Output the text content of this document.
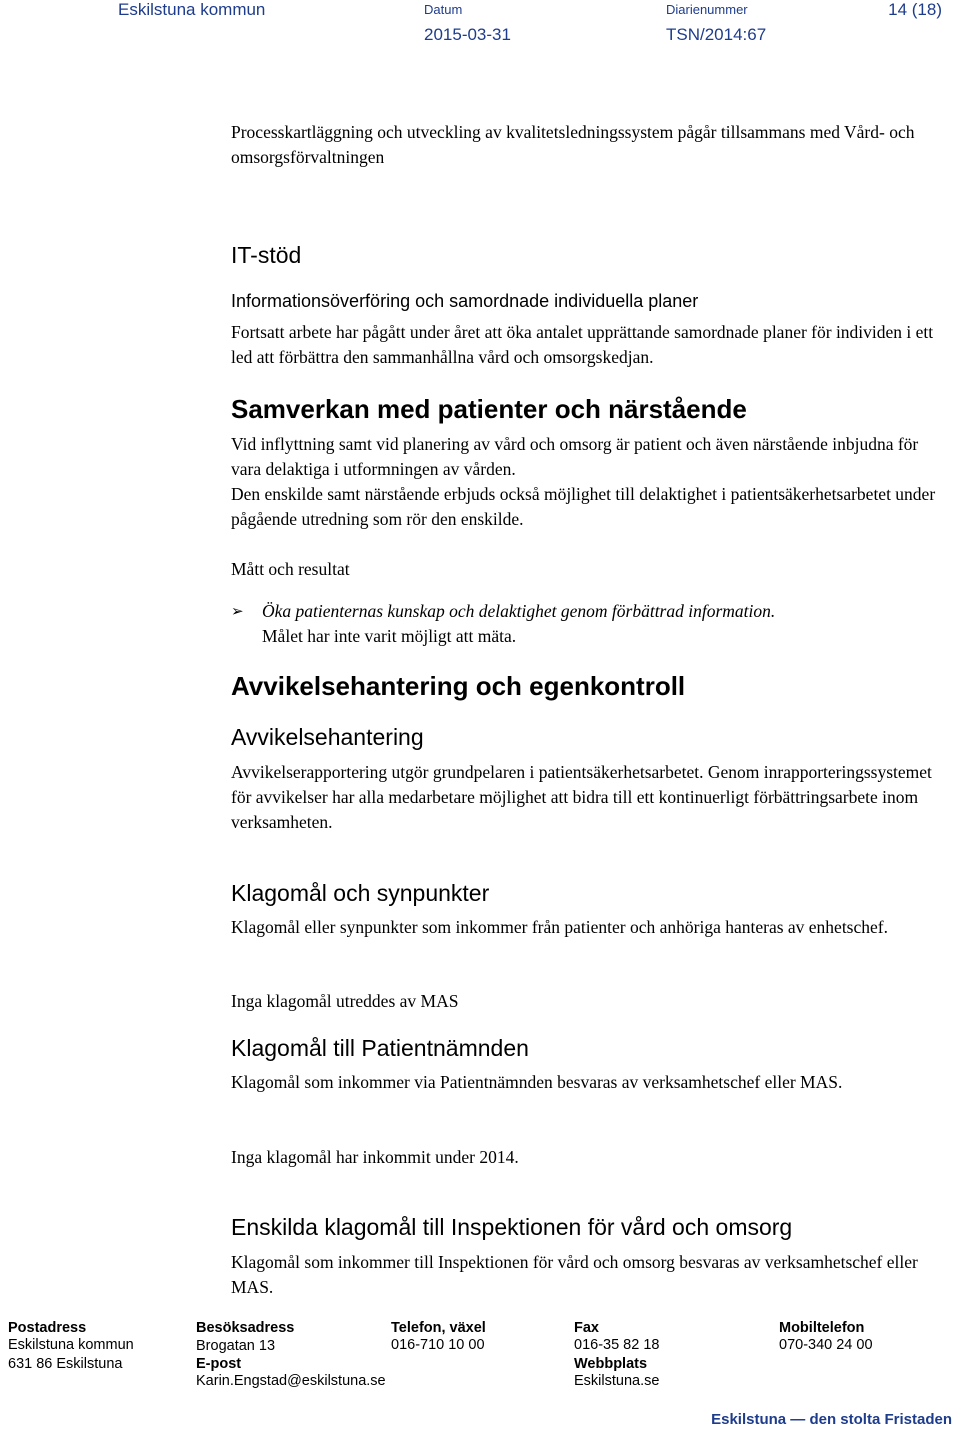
Eskilstuna kommun	Datum
2015-03-31
Diarienummer
TSN/2014:67
14 (18)
Processkartläggning och utveckling av kvalitetsledningssystem pågår tillsammans med Vård- och omsorgsförvaltningen
IT-stöd
Informationsöverföring och samordnade individuella planer
Fortsatt arbete har pågått under året att öka antalet upprättande samordnade planer för individen i ett led att förbättra den sammanhållna vård och omsorgskedjan.
Samverkan med patienter och närstående
Vid inflyttning samt vid planering av vård och omsorg är patient och även närstående inbjudna för vara delaktiga i utformningen av vården.
Den enskilde samt närstående erbjuds också möjlighet till delaktighet i patientsäkerhetsarbetet under pågående utredning som rör den enskilde.
Mått och resultat
➢ Öka patienternas kunskap och delaktighet genom förbättrad information.
Målet har inte varit möjligt att mäta.
Avvikelsehantering och egenkontroll
Avvikelsehantering
Avvikelserapportering utgör grundpelaren i patientsäkerhetsarbetet. Genom inrapporteringssystemet för avvikelser har alla medarbetare möjlighet att bidra till ett kontinuerligt förbättringsarbete inom verksamheten.
Klagomål och synpunkter
Klagomål eller synpunkter som inkommer från patienter och anhöriga hanteras av enhetschef.
Inga klagomål utreddes av MAS
Klagomål till Patientnämnden
Klagomål som inkommer via Patientnämnden besvaras av verksamhetschef eller MAS.
Inga klagomål har inkommit under 2014.
Enskilda klagomål till Inspektionen för vård och omsorg
Klagomål som inkommer till Inspektionen för vård och omsorg besvaras av verksamhetschef eller MAS.
Postadress
Eskilstuna kommun
631 86 Eskilstuna
Besöksadress
Brogatan 13
E-post
Karin.Engstad@eskilstuna.se
Telefon, växel
016-710 10 00
Fax
016-35 82 18
Webbplats
Eskilstuna.se
Mobiltelefon
070-340 24 00
Eskilstuna — den stolta Fristaden
